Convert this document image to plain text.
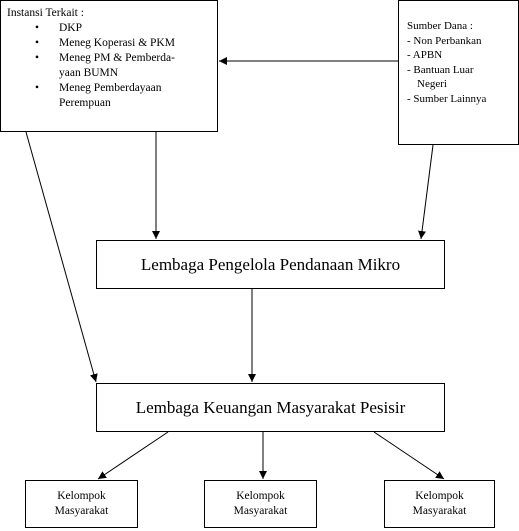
Instansi Terkait :
• DKP
• Meneg Koperasi & PKM
• Meneg PM & Pemberda-
yaan BUMN
• Meneg Pemberdayaan
Perempuan
Sumber Dana :
- Non Perbankan
- APBN
- Bantuan Luar
Negeri
- Sumber Lainnya
Lembaga Pengelola Pendanaan Mikro
Lembaga Keuangan Masyarakat Pesisir
Kelompok
Masyarakat
Kelompok
Masyarakat
Kelompok
Masyarakat
